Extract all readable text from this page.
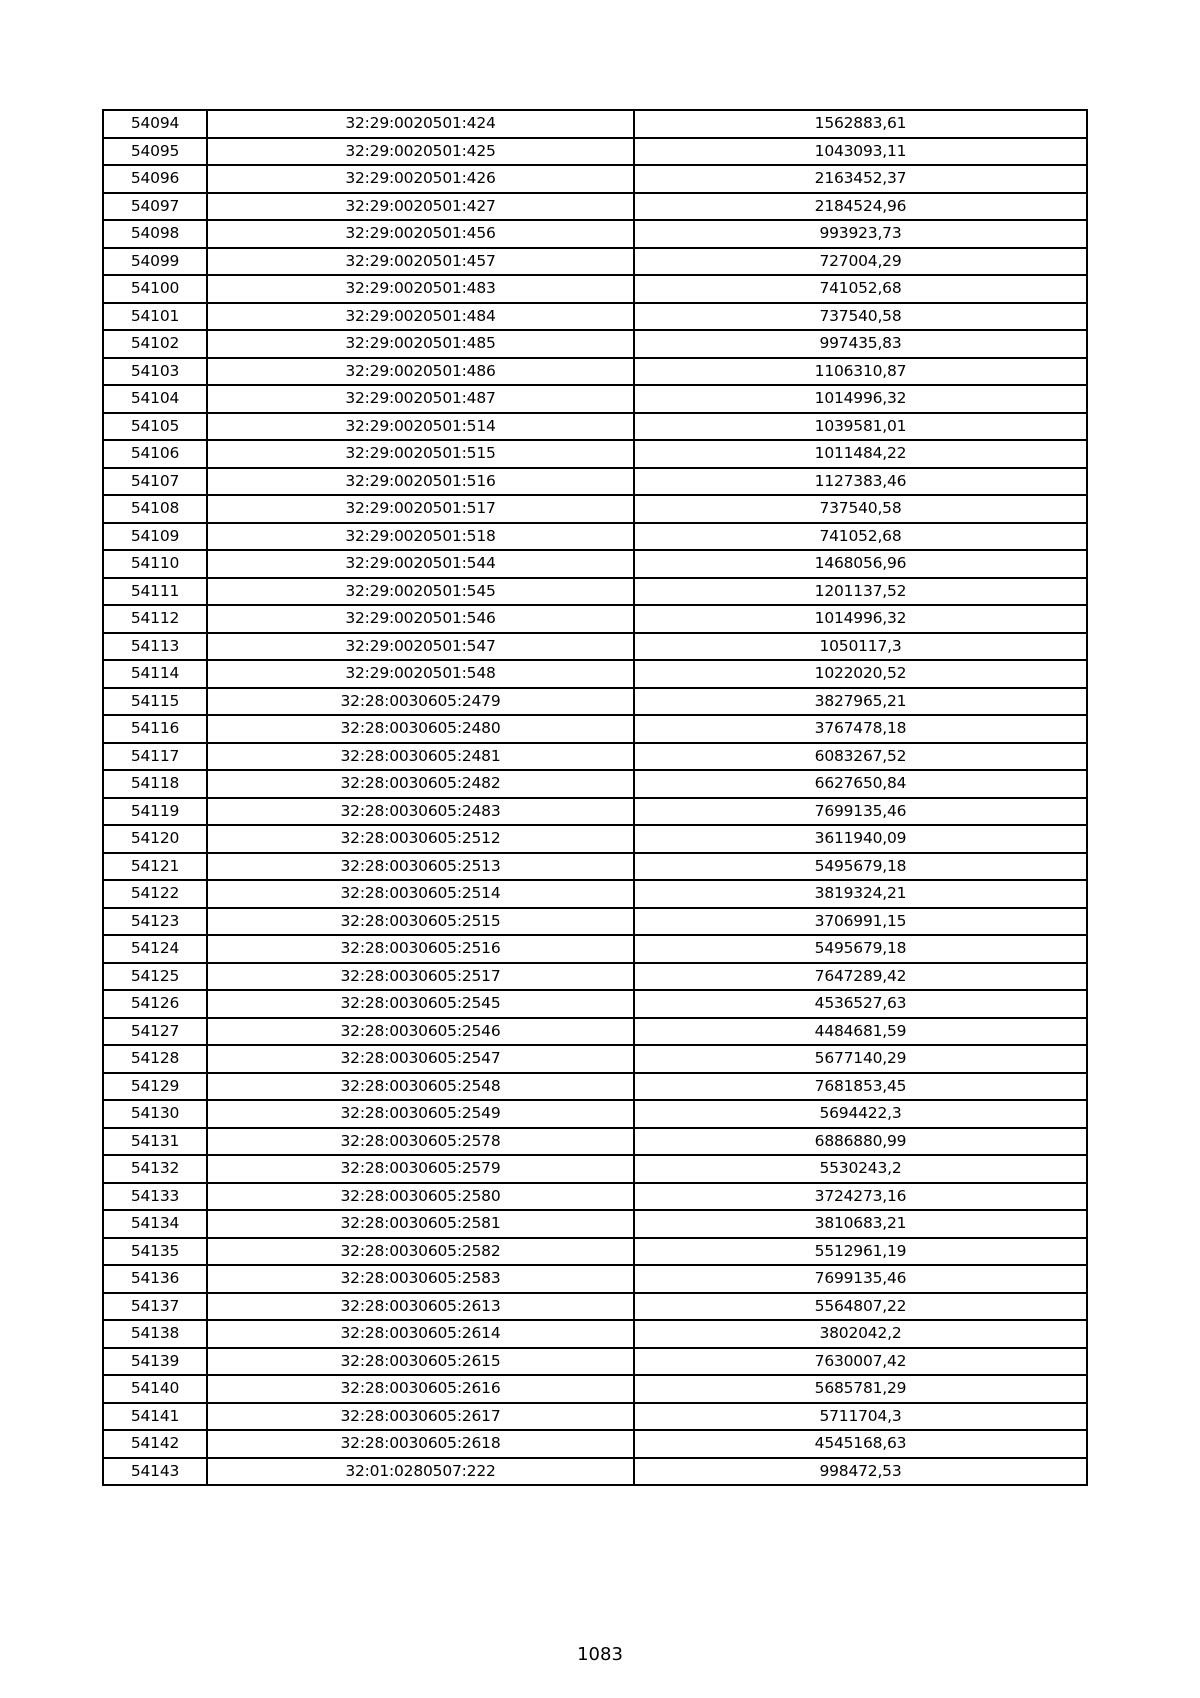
54094	32:29:0020501:424	1562883,61
54095	32:29:0020501:425	1043093,11
54096	32:29:0020501:426	2163452,37
54097	32:29:0020501:427	2184524,96
54098	32:29:0020501:456	993923,73
54099	32:29:0020501:457	727004,29
54100	32:29:0020501:483	741052,68
54101	32:29:0020501:484	737540,58
54102	32:29:0020501:485	997435,83
54103	32:29:0020501:486	1106310,87
54104	32:29:0020501:487	1014996,32
54105	32:29:0020501:514	1039581,01
54106	32:29:0020501:515	1011484,22
54107	32:29:0020501:516	1127383,46
54108	32:29:0020501:517	737540,58
54109	32:29:0020501:518	741052,68
54110	32:29:0020501:544	1468056,96
54111	32:29:0020501:545	1201137,52
54112	32:29:0020501:546	1014996,32
54113	32:29:0020501:547	1050117,3
54114	32:29:0020501:548	1022020,52
54115	32:28:0030605:2479	3827965,21
54116	32:28:0030605:2480	3767478,18
54117	32:28:0030605:2481	6083267,52
54118	32:28:0030605:2482	6627650,84
54119	32:28:0030605:2483	7699135,46
54120	32:28:0030605:2512	3611940,09
54121	32:28:0030605:2513	5495679,18
54122	32:28:0030605:2514	3819324,21
54123	32:28:0030605:2515	3706991,15
54124	32:28:0030605:2516	5495679,18
54125	32:28:0030605:2517	7647289,42
54126	32:28:0030605:2545	4536527,63
54127	32:28:0030605:2546	4484681,59
54128	32:28:0030605:2547	5677140,29
54129	32:28:0030605:2548	7681853,45
54130	32:28:0030605:2549	5694422,3
54131	32:28:0030605:2578	6886880,99
54132	32:28:0030605:2579	5530243,2
54133	32:28:0030605:2580	3724273,16
54134	32:28:0030605:2581	3810683,21
54135	32:28:0030605:2582	5512961,19
54136	32:28:0030605:2583	7699135,46
54137	32:28:0030605:2613	5564807,22
54138	32:28:0030605:2614	3802042,2
54139	32:28:0030605:2615	7630007,42
54140	32:28:0030605:2616	5685781,29
54141	32:28:0030605:2617	5711704,3
54142	32:28:0030605:2618	4545168,63
54143	32:01:0280507:222	998472,53
1083
